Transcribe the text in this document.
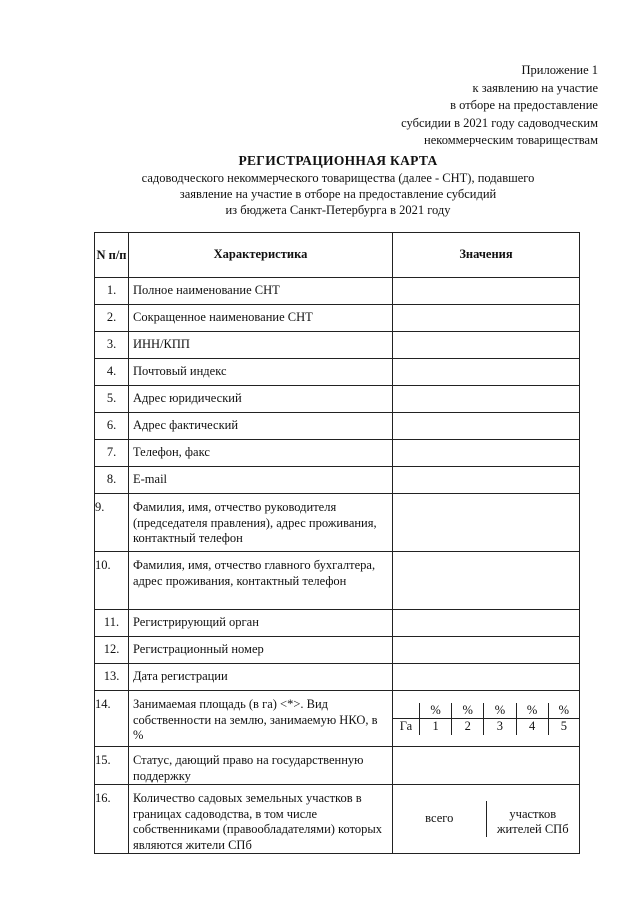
Приложение 1
к заявлению на участие
в отборе на предоставление
субсидии в 2021 году садоводческим
некоммерческим товариществам
РЕГИСТРАЦИОННАЯ КАРТА
садоводческого некоммерческого товарищества (далее - СНТ), подавшего
заявление на участие в отборе на предоставление субсидий
из бюджета Санкт-Петербурга в 2021 году
N п/п	Характеристика	Значения
1.	Полное наименование СНТ	
2.	Сокращенное наименование СНТ	
3.	ИНН/КПП	
4.	Почтовый индекс	
5.	Адрес юридический	
6.	Адрес фактический	
7.	Телефон, факс	
8.	E-mail	
9.	Фамилия, имя, отчество руководителя (председателя правления), адрес проживания, контактный телефон	
10.	Фамилия, имя, отчество главного бухгалтера, адрес проживания, контактный телефон	
11.	Регистрирующий орган	
12.	Регистрационный номер	
13.	Дата регистрации	
14.	Занимаемая площадь (в га) <*>. Вид собственности на землю, занимаемую НКО, в %	
	%	%	%	%	%
Га	1	2	3	4	5

15.	Статус, дающий право на государственную поддержку	
16.	Количество садовых земельных участков в границах садоводства, в том числе собственниками (правообладателями) которых являются жители СПб	
всего	участков жителей СПб
